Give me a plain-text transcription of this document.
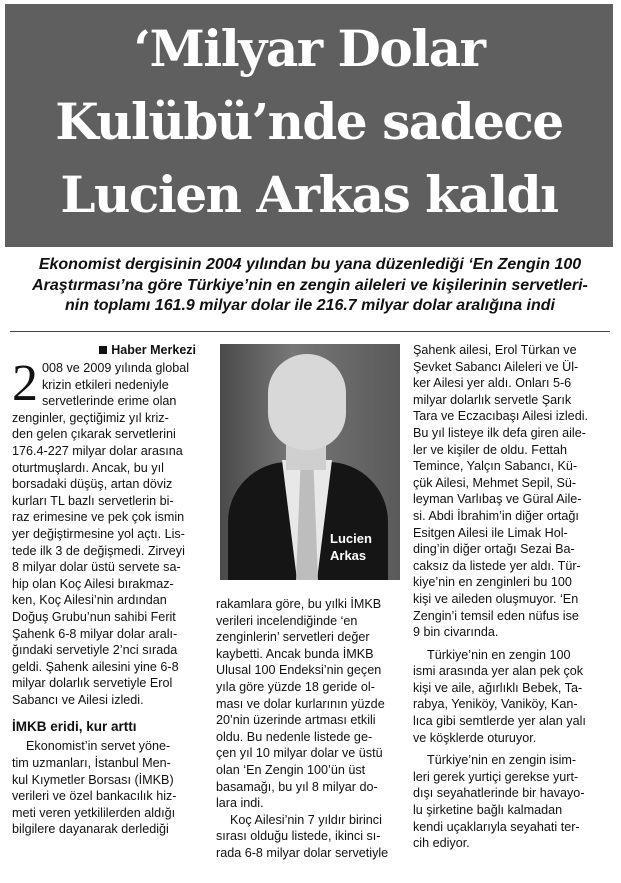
‘Milyar Dolar
Kulübü’nde sadece
Lucien Arkas kaldı

Ekonomist dergisinin 2004 yılından bu yana düzenlediği ‘En Zengin 100
Araştırması’na göre Türkiye’nin en zengin aileleri ve kişilerinin servetleri-
nin toplamı 161.9 milyar dolar ile 216.7 milyar dolar aralığına indi

Haber Merkezi
2 008 ve 2009 yılında global
krizin etkileri nedeniyle
servetlerinde erime olan
zenginler, geçtiğimiz yıl kriz-
den gelen çıkarak servetlerini
176.4-227 milyar dolar arasına
oturtmuşlardı. Ancak, bu yıl
borsadaki düşüş, artan döviz
kurları TL bazlı servetlerin bi-
raz erimesine ve pek çok ismin
yer değiştirmesine yol açtı. Lis-
tede ilk 3 de değişmedi. Zirveyi
8 milyar dolar üstü servete sa-
hip olan Koç Ailesi bırakmaz-
ken, Koç Ailesi’nin ardından
Doğuş Grubu’nun sahibi Ferit
Şahenk 6-8 milyar dolar aralı-
ğındaki servetiyle 2’nci sırada
geldi. Şahenk ailesini yine 6-8
milyar dolarlık servetiyle Erol
Sabancı ve Ailesi izledi.
İMKB eridi, kur arttı
Ekonomist’in servet yöne-
tim uzmanları, İstanbul Men-
kul Kıymetler Borsası (İMKB)
verileri ve özel bankacılık hiz-
meti veren yetkililerden aldığı
bilgilere dayanarak derlediği
Lucien
Arkas
rakamlara göre, bu yılki İMKB
verileri incelendiğinde ‘en
zenginlerin’ servetleri değer
kaybetti. Ancak bunda İMKB
Ulusal 100 Endeksi’nin geçen
yıla göre yüzde 18 geride ol-
ması ve dolar kurlarının yüzde
20’nin üzerinde artması etkili
oldu. Bu nedenle listede ge-
çen yıl 10 milyar dolar ve üstü
olan ‘En Zengin 100’ün üst
basamağı, bu yıl 8 milyar do-
lara indi.
Koç Ailesi’nin 7 yıldır birinci
sırası olduğu listede, ikinci sı-
rada 6-8 milyar dolar servetiyle
Şahenk ailesi, Erol Türkan ve
Şevket Sabancı Aileleri ve Ül-
ker Ailesi yer aldı. Onları 5-6
milyar dolarlık servetle Şarık
Tara ve Eczacıbaşı Ailesi izledi.
Bu yıl listeye ilk defa giren aile-
ler ve kişiler de oldu. Fettah
Temince, Yalçın Sabancı, Kü-
çük Ailesi, Mehmet Sepil, Sü-
leyman Varlıbaş ve Güral Aile-
si. Abdi İbrahim’in diğer ortağı
Esitgen Ailesi ile Limak Hol-
ding’in diğer ortağı Sezai Ba-
caksız da listede yer aldı. Tür-
kiye’nin en zenginleri bu 100
kişi ve aileden oluşmuyor. ‘En
Zengin’i temsil eden nüfus ise
9 bin civarında.
Türkiye’nin en zengin 100
ismi arasında yer alan pek çok
kişi ve aile, ağırlıklı Bebek, Ta-
rabya, Yeniköy, Vaniköy, Kan-
lıca gibi semtlerde yer alan yalı
ve köşklerde oturuyor.
Türkiye’nin en zengin isim-
leri gerek yurtiçi gerekse yurt-
dışı seyahatlerinde bir havayo-
lu şirketine bağlı kalmadan
kendi uçaklarıyla seyahati ter-
cih ediyor.
